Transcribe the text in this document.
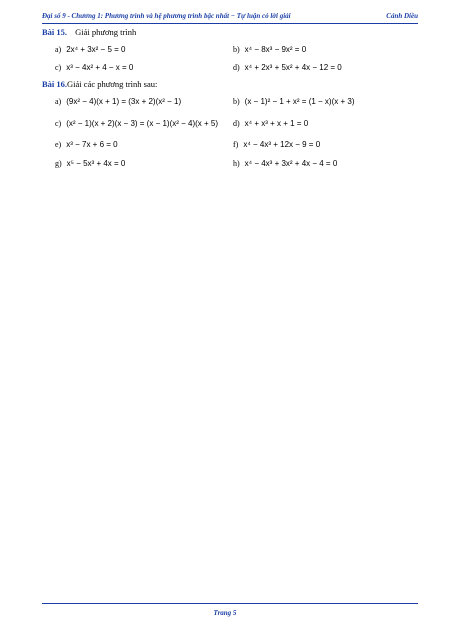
Đại số 9 - Chương 1: Phương trình và hệ phương trình bậc nhất − Tự luận có lời giải	Cánh Diều
Bài 15. Giải phương trình
a) 2x⁴ + 3x² − 5 = 0	b) x⁴ − 8x³ − 9x² = 0
c) x³ − 4x² + 4 − x = 0	d) x⁴ + 2x³ + 5x² + 4x − 12 = 0
Bài 16.Giải các phương trình sau:
a) (9x² − 4)(x + 1) = (3x + 2)(x² − 1)	b) (x − 1)² − 1 + x² = (1 − x)(x + 3)
c) (x² − 1)(x + 2)(x − 3) = (x − 1)(x² − 4)(x + 5) d) x⁴ + x³ + x + 1 = 0
e) x³ − 7x + 6 = 0	f) x⁴ − 4x³ + 12x − 9 = 0
g) x⁵ − 5x³ + 4x = 0	h) x⁴ − 4x³ + 3x² + 4x − 4 = 0
Trang 5
